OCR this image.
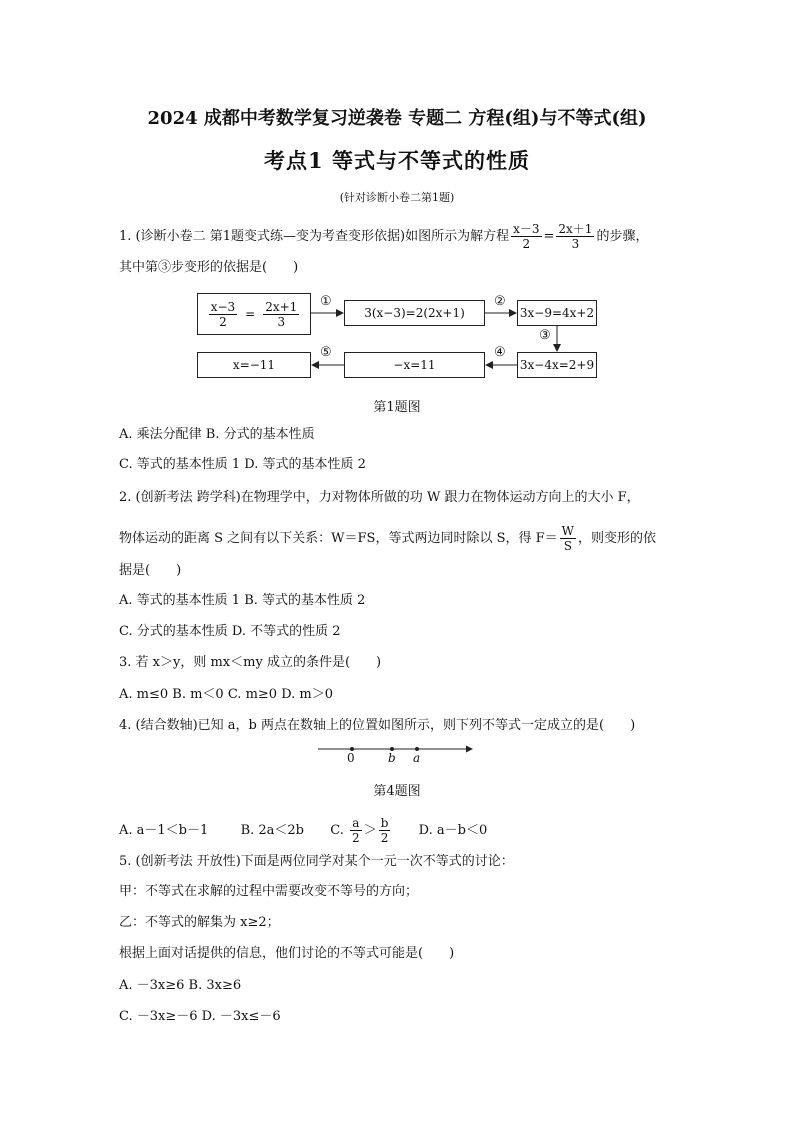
2024 成都中考数学复习逆袭卷 专题二 方程(组)与不等式(组)
考点1 等式与不等式的性质
(针对诊断小卷二第1题)
1. (诊断小卷二 第1题变式练—变为考查变形依据)如图所示为解方程 $\frac{x-3}{2} = \frac{2x+1}{3}$ 的步骤，
其中第③步变形的依据是(　　)
$\frac{x-3}{2} = \frac{2x+1}{3}$	3(x−3)=2(2x+1)	3x−9=4x+2
3x−4x=2+9
−x=11
x=−11
①	②
③
④
⑤
第1题图
A. 乘法分配律 B. 分式的基本性质
C. 等式的基本性质 1 D. 等式的基本性质 2
2. (创新考法 跨学科)在物理学中，力对物体所做的功 W 跟力在物体运动方向上的大小 F，
物体运动的距离 S 之间有以下关系：W＝FS，等式两边同时除以 S，得 $F= \frac{W}{S}$ ，则变形的依
据是(　　)
A. 等式的基本性质 1 B. 等式的基本性质 2
C. 分式的基本性质 D. 不等式的性质 2
3. 若 x＞y，则 mx＜my 成立的条件是(　　)
A. m≤0 B. m＜0 C. m≥0 D. m＞0
4. (结合数轴)已知 a，b 两点在数轴上的位置如图所示，则下列不等式一定成立的是(　　)
0	b a
第4题图
A. a－1＜b－1 B. 2a＜2b C. $\frac{a}{2} > \frac{b}{2} D$. a－b＜0
5. (创新考法 开放性)下面是两位同学对某个一元一次不等式的讨论：
甲：不等式在求解的过程中需要改变不等号的方向；
乙：不等式的解集为 x≥2；
根据上面对话提供的信息，他们讨论的不等式可能是(　　)
A. －3x≥6 B. 3x≥6
C. －3x≥－6 D. －3x≤－6
